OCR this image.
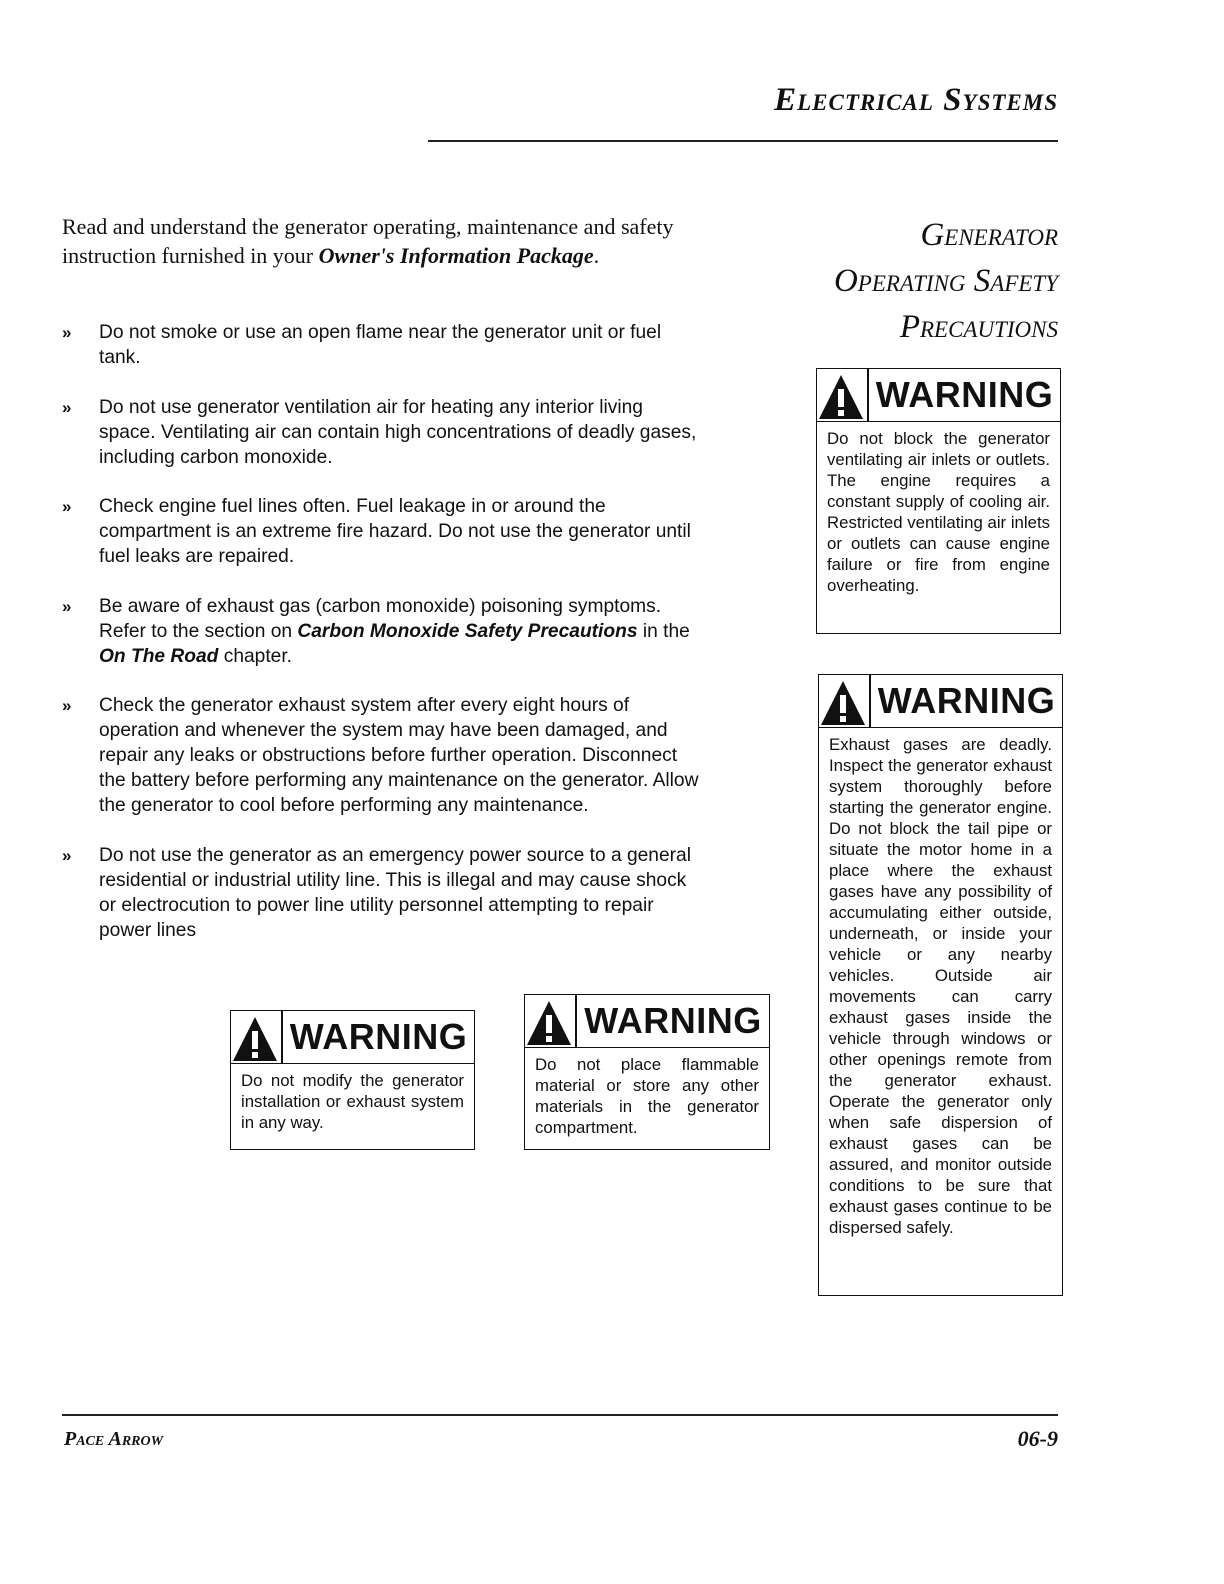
Electrical Systems
Read and understand the generator operating, maintenance and safety instruction furnished in your Owner's Information Package.
» Do not smoke or use an open flame near the generator unit or fuel tank.
» Do not use generator ventilation air for heating any interior living space. Ventilating air can contain high concentrations of deadly gases, including carbon monoxide.
» Check engine fuel lines often. Fuel leakage in or around the compartment is an extreme fire hazard. Do not use the generator until fuel leaks are repaired.
» Be aware of exhaust gas (carbon monoxide) poisoning symptoms. Refer to the section on Carbon Monoxide Safety Precautions in the On The Road chapter.
» Check the generator exhaust system after every eight hours of operation and whenever the system may have been damaged, and repair any leaks or obstructions before further operation. Disconnect the battery before performing any maintenance on the generator. Allow the generator to cool before performing any maintenance.
» Do not use the generator as an emergency power source to a general residential or industrial utility line. This is illegal and may cause shock or electrocution to power line utility personnel attempting to repair power lines
Generator
Operating Safety
Precautions
WARNING
Do not block the generator ventilating air inlets or outlets. The engine requires a constant supply of cooling air. Restricted ventilating air inlets or outlets can cause engine failure or fire from engine overheating.
WARNING
Exhaust gases are deadly. Inspect the generator exhaust system thoroughly before starting the generator engine. Do not block the tail pipe or situate the motor home in a place where the exhaust gases have any possibility of accumulating either outside, underneath, or inside your vehicle or any nearby vehicles. Outside air movements can carry exhaust gases inside the vehicle through windows or other openings remote from the generator exhaust. Operate the generator only when safe dispersion of exhaust gases can be assured, and monitor outside conditions to be sure that exhaust gases continue to be dispersed safely.
WARNING
Do not modify the generator installation or exhaust system in any way.
WARNING
Do not place flammable material or store any other materials in the generator compartment.
Pace Arrow	06-9
